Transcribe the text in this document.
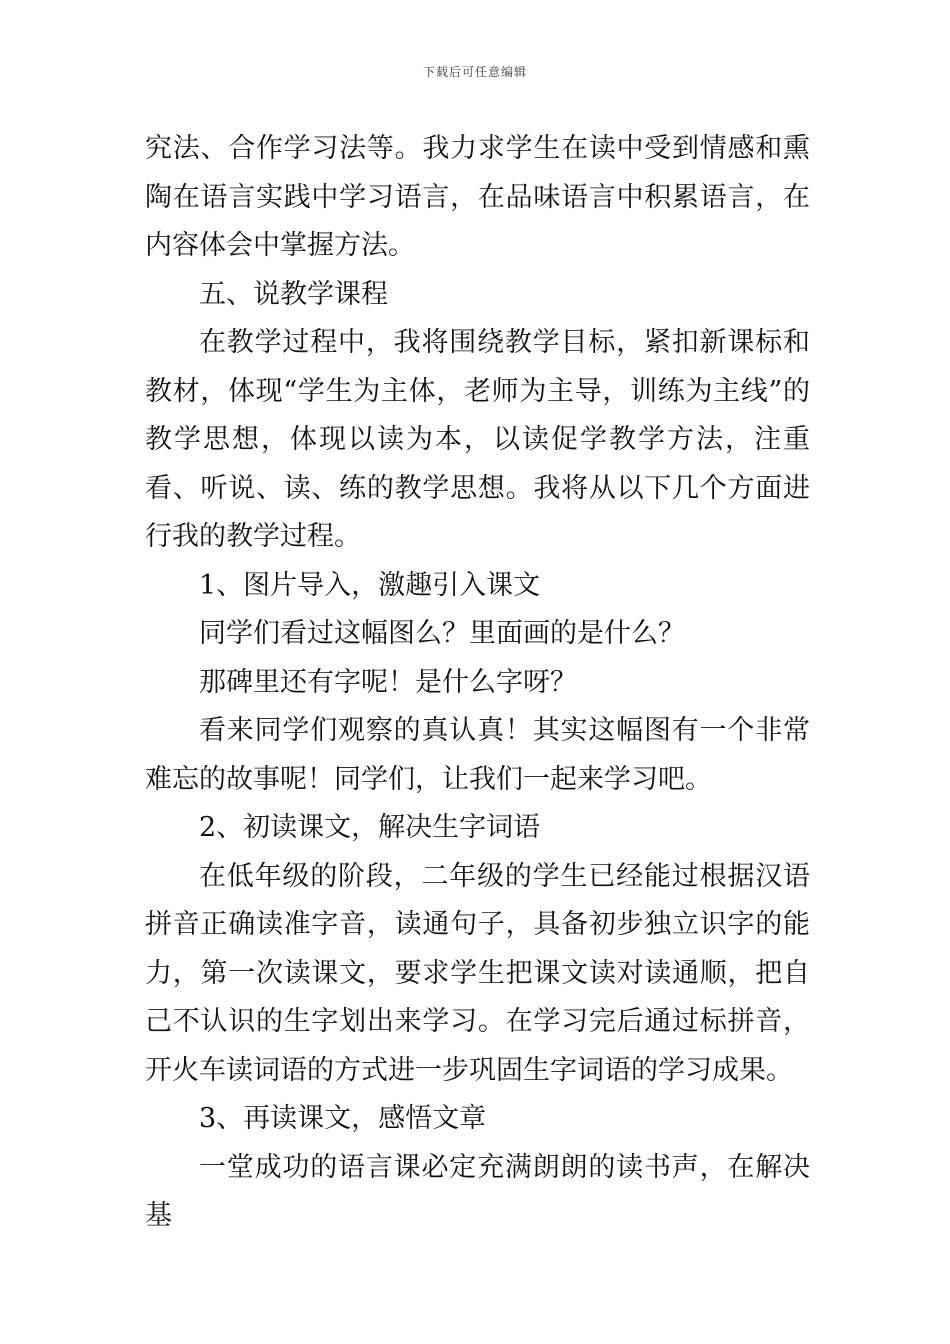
下载后可任意编辑

究法、合作学习法等。我力求学生在读中受到情感和熏陶在语言实践中学习语言，在品味语言中积累语言，在内容体会中掌握方法。

五、说教学课程

在教学过程中，我将围绕教学目标，紧扣新课标和教材，体现“学生为主体，老师为主导，训练为主线”的教学思想，体现以读为本，以读促学教学方法，注重看、听说、读、练的教学思想。我将从以下几个方面进行我的教学过程。

1、图片导入，激趣引入课文

同学们看过这幅图么？里面画的是什么？

那碑里还有字呢！是什么字呀？

看来同学们观察的真认真！其实这幅图有一个非常难忘的故事呢！同学们，让我们一起来学习吧。

2、初读课文，解决生字词语

在低年级的阶段，二年级的学生已经能过根据汉语拼音正确读准字音，读通句子，具备初步独立识字的能力，第一次读课文，要求学生把课文读对读通顺，把自己不认识的生字划出来学习。在学习完后通过标拼音，开火车读词语的方式进一步巩固生字词语的学习成果。

3、再读课文，感悟文章

一堂成功的语言课必定充满朗朗的读书声，在解决基
